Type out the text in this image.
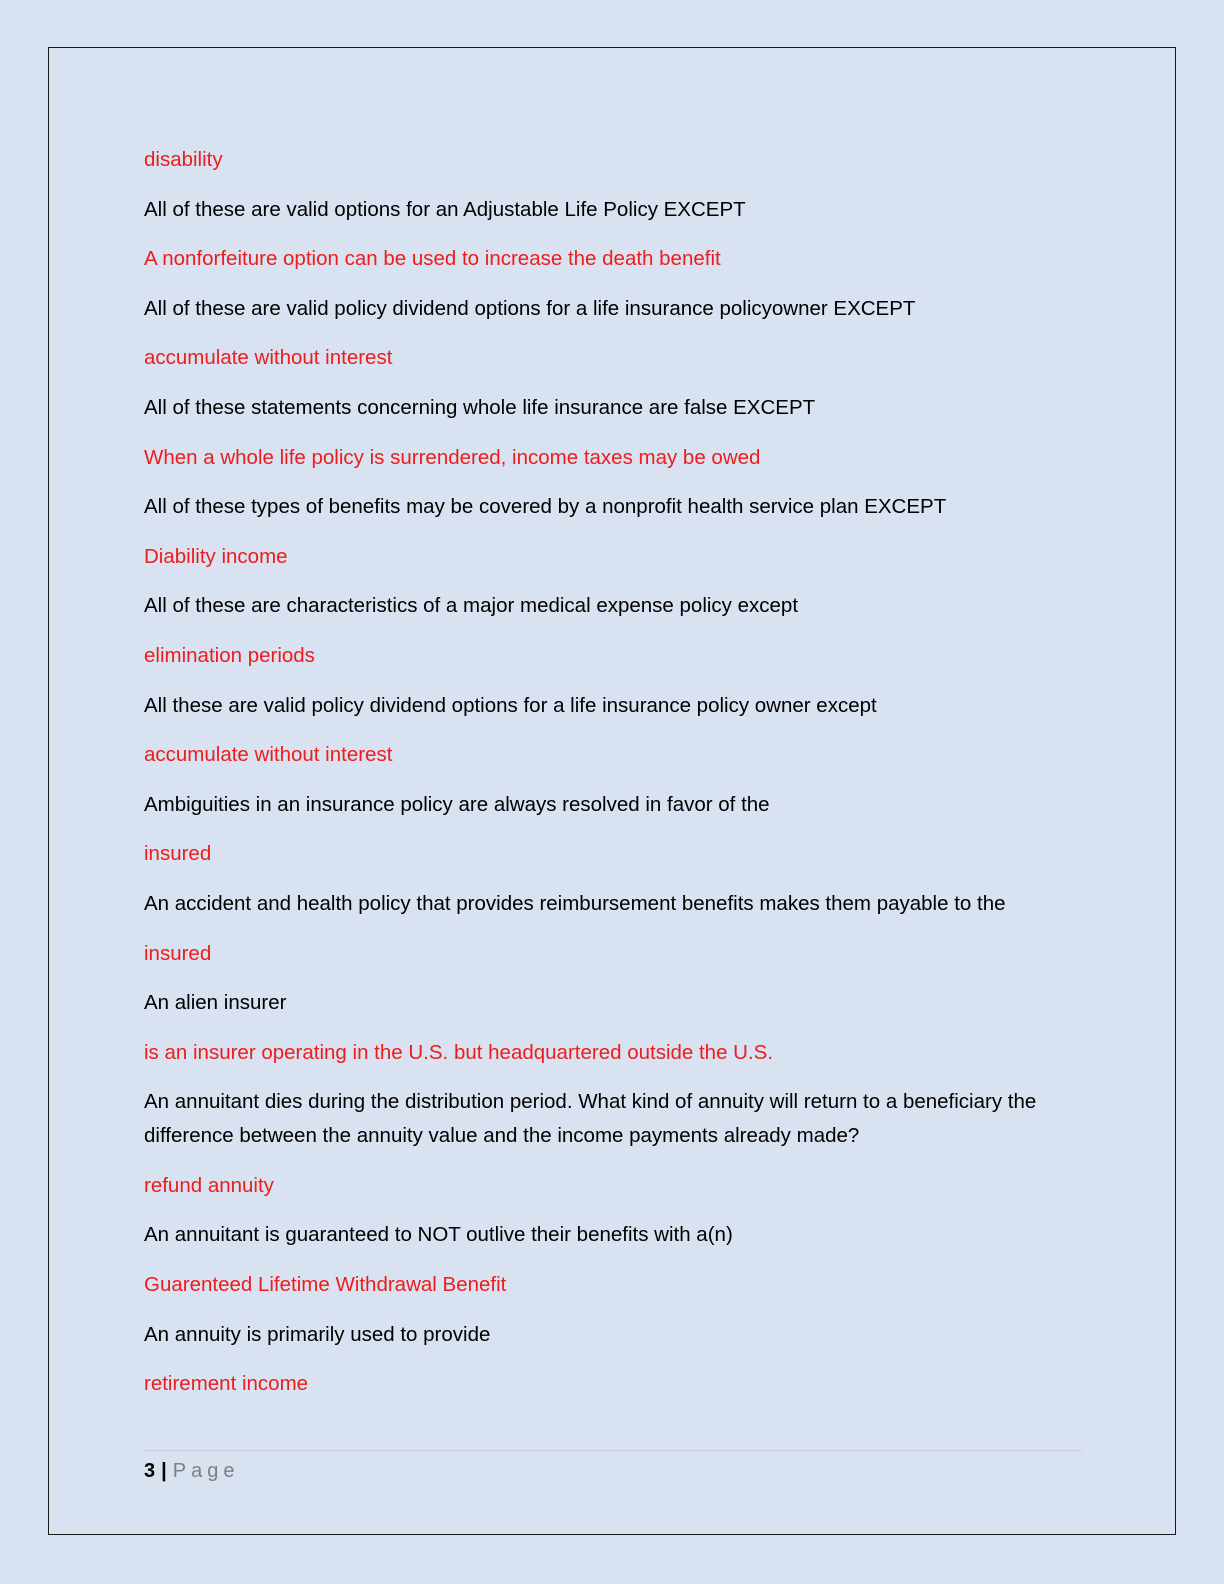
disability

All of these are valid options for an Adjustable Life Policy EXCEPT

A nonforfeiture option can be used to increase the death benefit

All of these are valid policy dividend options for a life insurance policyowner EXCEPT

accumulate without interest

All of these statements concerning whole life insurance are false EXCEPT

When a whole life policy is surrendered, income taxes may be owed

All of these types of benefits may be covered by a nonprofit health service plan EXCEPT

Diability income

All of these are characteristics of a major medical expense policy except

elimination periods

All these are valid policy dividend options for a life insurance policy owner except

accumulate without interest

Ambiguities in an insurance policy are always resolved in favor of the

insured

An accident and health policy that provides reimbursement benefits makes them payable to the

insured

An alien insurer

is an insurer operating in the U.S. but headquartered outside the U.S.

An annuitant dies during the distribution period. What kind of annuity will return to a beneficiary the difference between the annuity value and the income payments already made?

refund annuity

An annuitant is guaranteed to NOT outlive their benefits with a(n)

Guarenteed Lifetime Withdrawal Benefit

An annuity is primarily used to provide

retirement income

3 | Page
